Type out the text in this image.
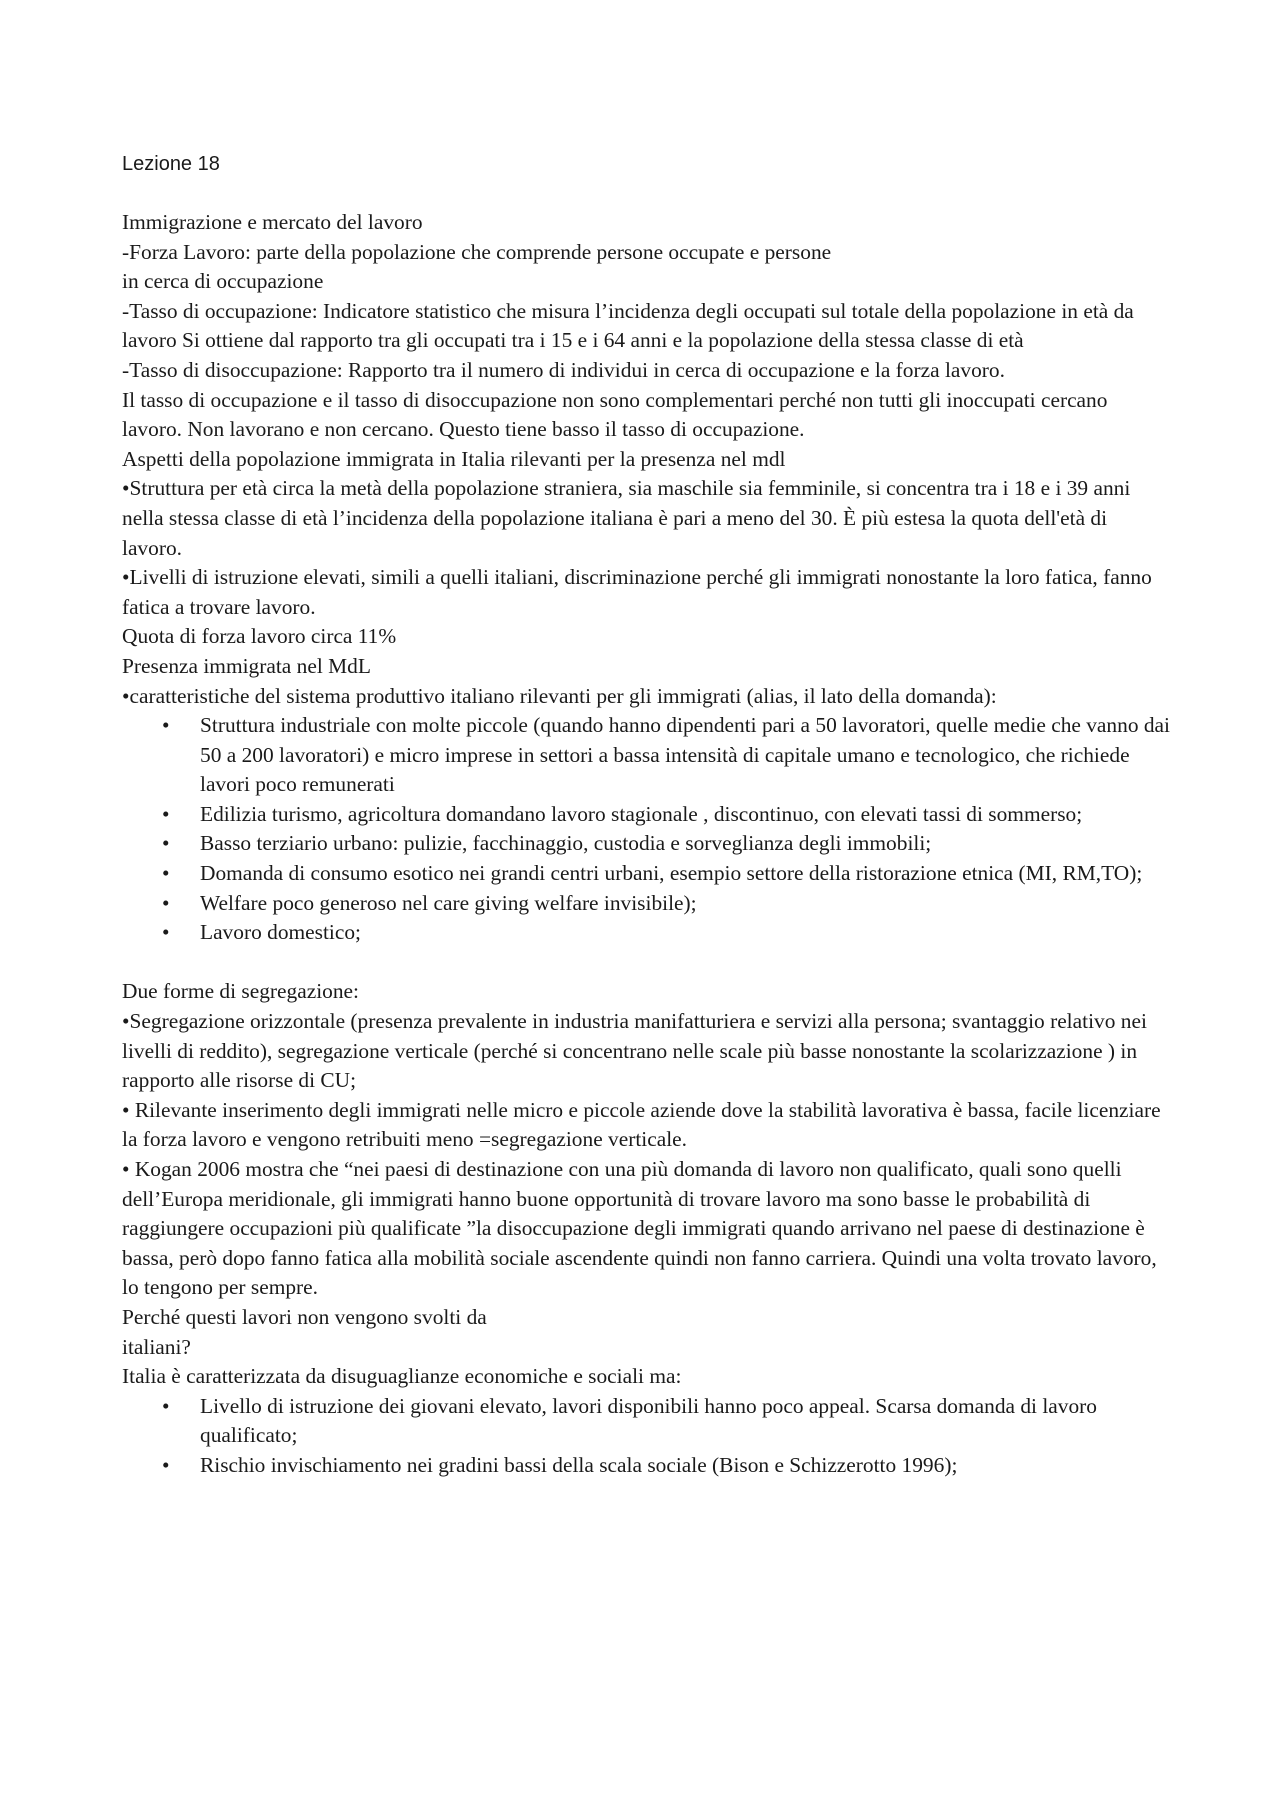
Lezione 18

Immigrazione e mercato del lavoro

-Forza Lavoro: parte della popolazione che comprende persone occupate e persone

in cerca di occupazione

-Tasso di occupazione: Indicatore statistico che misura l’incidenza degli occupati sul totale della popolazione in età da lavoro Si ottiene dal rapporto tra gli occupati tra i 15 e i 64 anni e la popolazione della stessa classe di età

-Tasso di disoccupazione: Rapporto tra il numero di individui in cerca di occupazione e la forza lavoro.

Il tasso di occupazione e il tasso di disoccupazione non sono complementari perché non tutti gli inoccupati cercano lavoro. Non lavorano e non cercano. Questo tiene basso il tasso di occupazione.

Aspetti della popolazione immigrata in Italia rilevanti per la presenza nel mdl

•Struttura per età circa la metà della popolazione straniera, sia maschile sia femminile, si concentra tra i 18 e i 39 anni nella stessa classe di età l’incidenza della popolazione italiana è pari a meno del 30. È più estesa la quota dell'età di lavoro.

•Livelli di istruzione elevati, simili a quelli italiani, discriminazione perché gli immigrati nonostante la loro fatica, fanno fatica a trovare lavoro.

Quota di forza lavoro circa 11%

Presenza immigrata nel MdL

•caratteristiche del sistema produttivo italiano rilevanti per gli immigrati (alias, il lato della domanda):

• Struttura industriale con molte piccole (quando hanno dipendenti pari a 50 lavoratori, quelle medie che vanno dai 50 a 200 lavoratori) e micro imprese in settori a bassa intensità di capitale umano e tecnologico, che richiede lavori poco remunerati
• Edilizia turismo, agricoltura domandano lavoro stagionale , discontinuo, con elevati tassi di sommerso;
• Basso terziario urbano: pulizie, facchinaggio, custodia e sorveglianza degli immobili;
• Domanda di consumo esotico nei grandi centri urbani, esempio settore della ristorazione etnica (MI, RM,TO);
• Welfare poco generoso nel care giving welfare invisibile);
• Lavoro domestico;

Due forme di segregazione:

•Segregazione orizzontale (presenza prevalente in industria manifatturiera e servizi alla persona; svantaggio relativo nei livelli di reddito), segregazione verticale (perché si concentrano nelle scale più basse nonostante la scolarizzazione ) in rapporto alle risorse di CU;

• Rilevante inserimento degli immigrati nelle micro e piccole aziende dove la stabilità lavorativa è bassa, facile licenziare la forza lavoro e vengono retribuiti meno =segregazione verticale.

• Kogan 2006 mostra che “nei paesi di destinazione con una più domanda di lavoro non qualificato, quali sono quelli dell’Europa meridionale, gli immigrati hanno buone opportunità di trovare lavoro ma sono basse le probabilità di raggiungere occupazioni più qualificate ”la disoccupazione degli immigrati quando arrivano nel paese di destinazione è bassa, però dopo fanno fatica alla mobilità sociale ascendente quindi non fanno carriera. Quindi una volta trovato lavoro, lo tengono per sempre.

Perché questi lavori non vengono svolti da

italiani?

Italia è caratterizzata da disuguaglianze economiche e sociali ma:

• Livello di istruzione dei giovani elevato, lavori disponibili hanno poco appeal. Scarsa domanda di lavoro qualificato;
• Rischio invischiamento nei gradini bassi della scala sociale (Bison e Schizzerotto 1996);
